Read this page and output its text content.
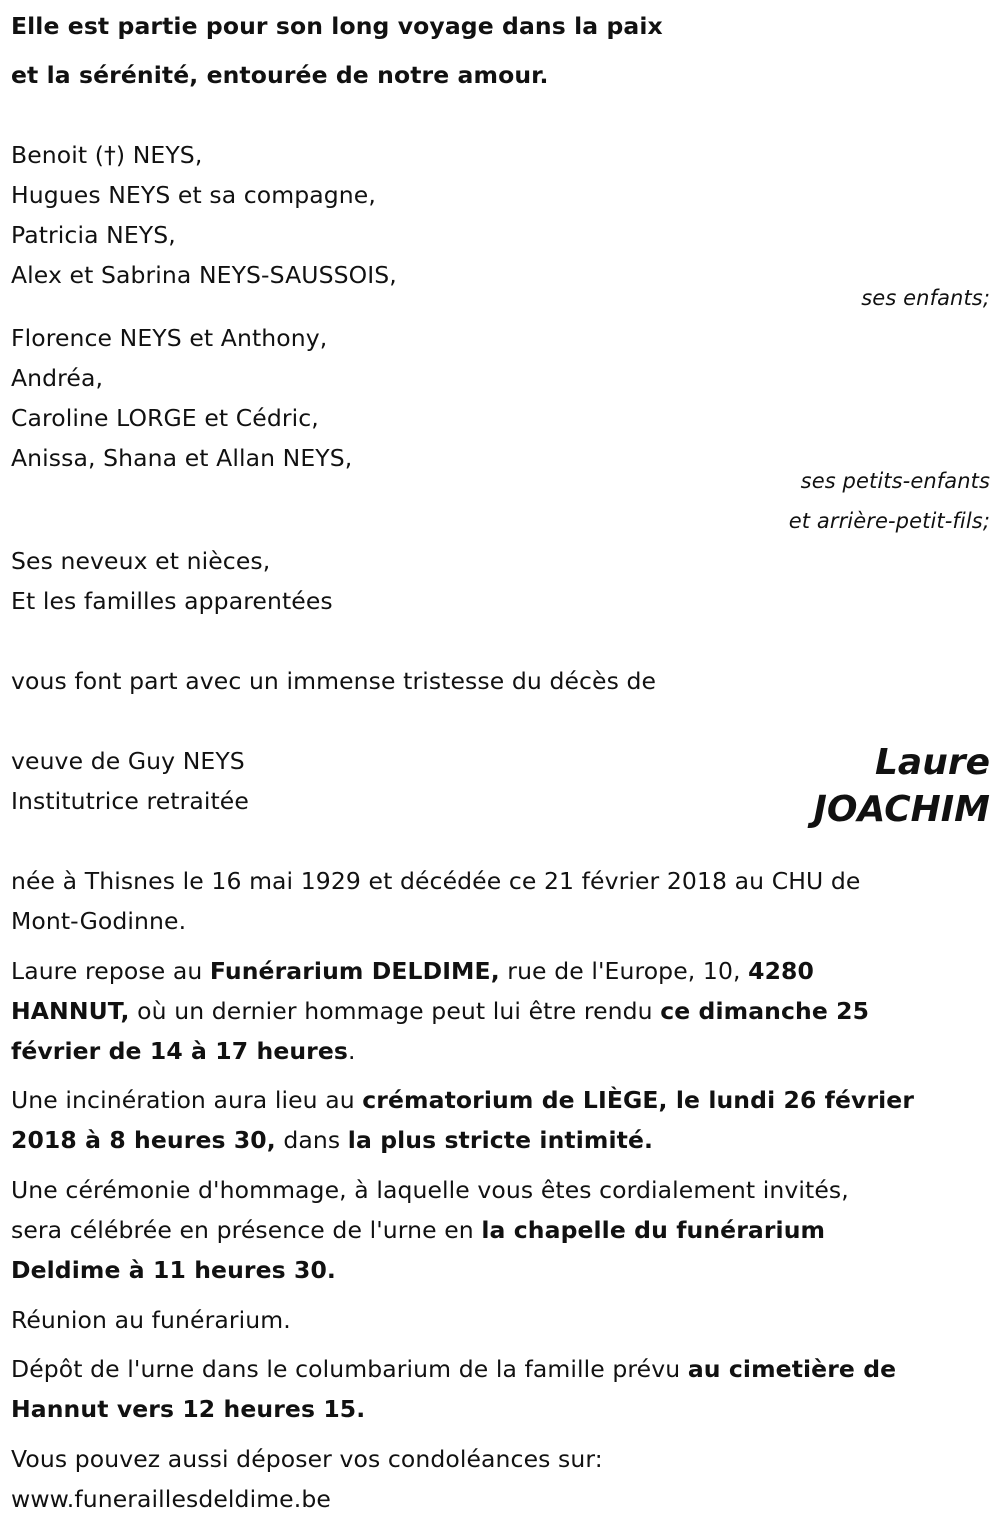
Elle est partie pour son long voyage dans la paix
et la sérénité, entourée de notre amour.
Benoit (†) NEYS,
Hugues NEYS et sa compagne,
Patricia NEYS,
Alex et Sabrina NEYS-SAUSSOIS,
ses enfants;
Florence NEYS et Anthony,
Andréa,
Caroline LORGE et Cédric,
Anissa, Shana et Allan NEYS,
ses petits-enfants
et arrière-petit-fils;
Ses neveux et nièces,
Et les familles apparentées
vous font part avec un immense tristesse du décès de
veuve de Guy NEYS
Institutrice retraitée
Laure
JOACHIM
née à Thisnes le 16 mai 1929 et décédée ce 21 février 2018 au CHU de
Mont-Godinne.
Laure repose au Funérarium DELDIME, rue de l'Europe, 10, 4280
HANNUT, où un dernier hommage peut lui être rendu ce dimanche 25
février de 14 à 17 heures.
Une incinération aura lieu au crématorium de LIÈGE, le lundi 26 février
2018 à 8 heures 30, dans la plus stricte intimité.
Une cérémonie d'hommage, à laquelle vous êtes cordialement invités,
sera célébrée en présence de l'urne en la chapelle du funérarium
Deldime à 11 heures 30.
Réunion au funérarium.
Dépôt de l'urne dans le columbarium de la famille prévu au cimetière de
Hannut vers 12 heures 15.
Vous pouvez aussi déposer vos condoléances sur:
www.funeraillesdeldime.be
